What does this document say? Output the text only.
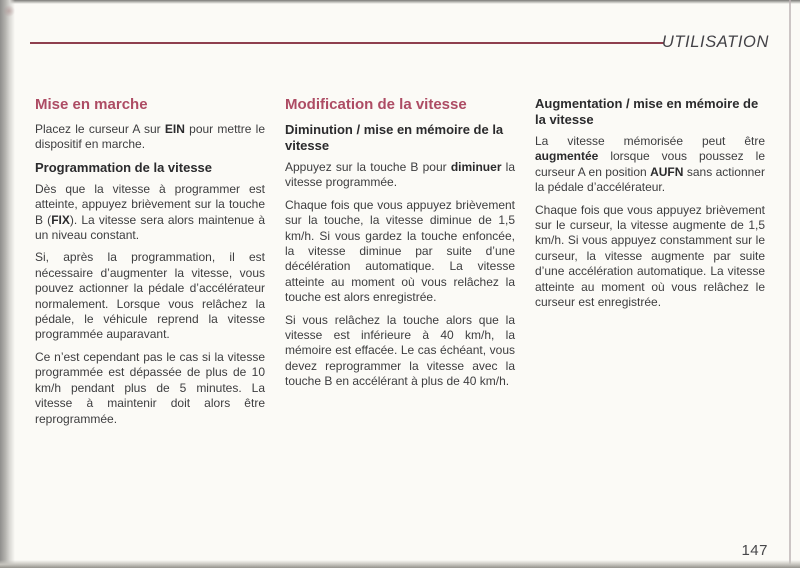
UTILISATION
Mise en marche

Placez le curseur A sur EIN pour mettre le dispositif en marche.

Programmation de la vitesse

Dès que la vitesse à programmer est atteinte, appuyez brièvement sur la touche B (FIX). La vitesse sera alors maintenue à un niveau constant.

Si, après la programmation, il est nécessaire d’augmenter la vitesse, vous pouvez actionner la pédale d’accélérateur normalement. Lorsque vous relâchez la pédale, le véhicule reprend la vitesse programmée auparavant.

Ce n’est cependant pas le cas si la vitesse programmée est dépassée de plus de 10 km/h pendant plus de 5 minutes. La vitesse à maintenir doit alors être reprogrammée.

Modification de la vitesse
Diminution / mise en mémoire de la vitesse

Appuyez sur la touche B pour diminuer la vitesse programmée.

Chaque fois que vous appuyez brièvement sur la touche, la vitesse diminue de 1,5 km/h. Si vous gardez la touche enfoncée, la vitesse diminue par suite d’une décélération automatique. La vitesse atteinte au moment où vous relâchez la touche est alors enregistrée.

Si vous relâchez la touche alors que la vitesse est inférieure à 40 km/h, la mémoire est effacée. Le cas échéant, vous devez reprogrammer la vitesse avec la touche B en accélérant à plus de 40 km/h.

Augmentation / mise en mémoire de la vitesse

La vitesse mémorisée peut être augmentée lorsque vous poussez le curseur A en position AUFN sans actionner la pédale d’accélérateur.

Chaque fois que vous appuyez brièvement sur le curseur, la vitesse augmente de 1,5 km/h. Si vous appuyez constamment sur le curseur, la vitesse augmente par suite d’une accélération automatique. La vitesse atteinte au moment où vous relâchez le curseur est enregistrée.

147
